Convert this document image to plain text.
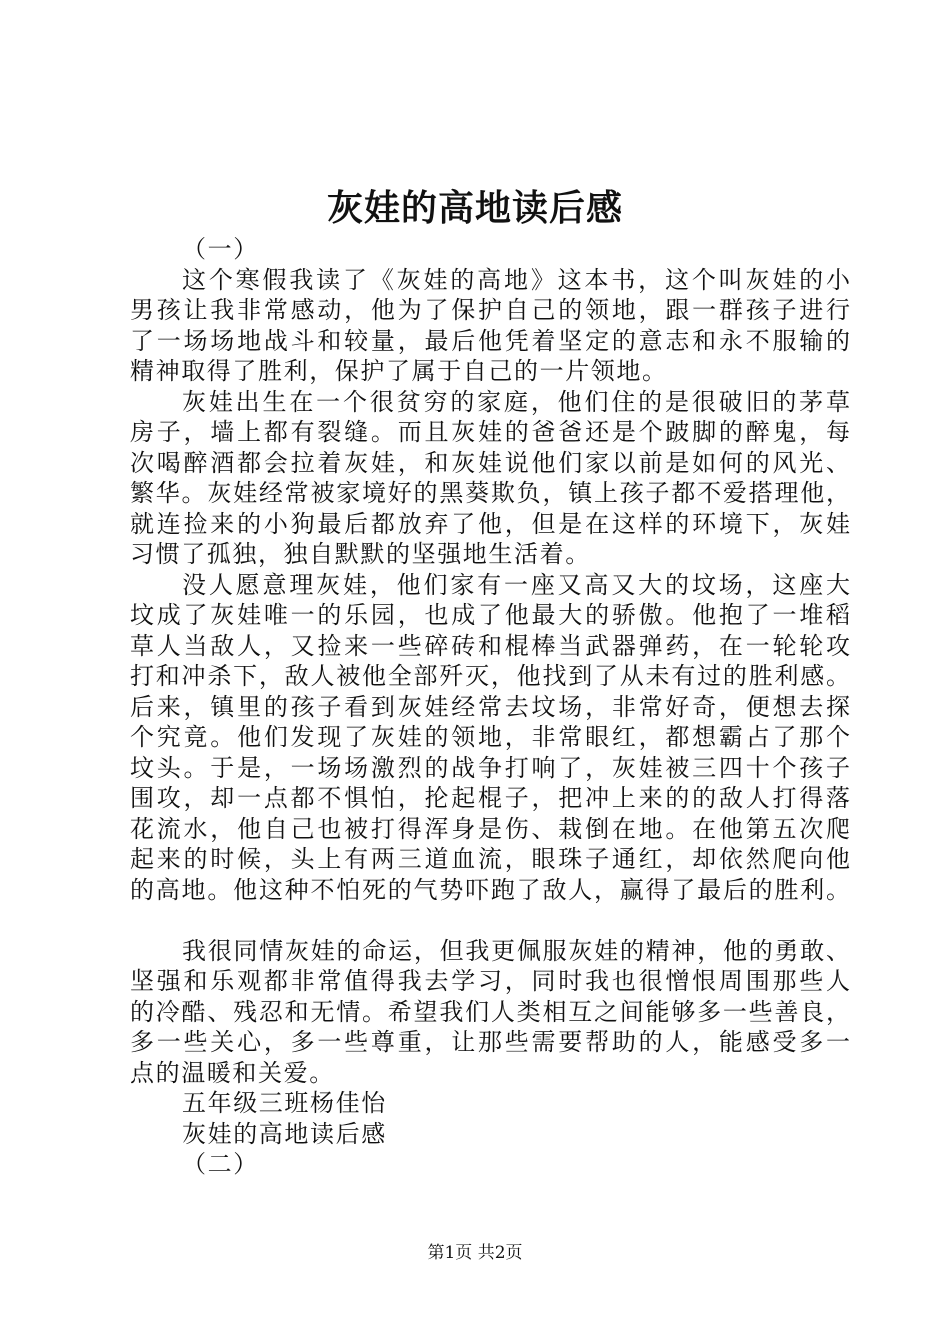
灰娃的高地读后感
（一）
这个寒假我读了《灰娃的高地》这本书，这个叫灰娃的小
男孩让我非常感动，他为了保护自己的领地，跟一群孩子进行
了一场场地战斗和较量，最后他凭着坚定的意志和永不服输的
精神取得了胜利，保护了属于自己的一片领地。
灰娃出生在一个很贫穷的家庭，他们住的是很破旧的茅草
房子，墙上都有裂缝。而且灰娃的爸爸还是个跛脚的醉鬼，每
次喝醉酒都会拉着灰娃，和灰娃说他们家以前是如何的风光、
繁华。灰娃经常被家境好的黑葵欺负，镇上孩子都不爱搭理他，
就连捡来的小狗最后都放弃了他，但是在这样的环境下，灰娃
习惯了孤独，独自默默的坚强地生活着。
没人愿意理灰娃，他们家有一座又高又大的坟场，这座大
坟成了灰娃唯一的乐园，也成了他最大的骄傲。他抱了一堆稻
草人当敌人，又捡来一些碎砖和棍棒当武器弹药，在一轮轮攻
打和冲杀下，敌人被他全部歼灭，他找到了从未有过的胜利感。
后来，镇里的孩子看到灰娃经常去坟场，非常好奇，便想去探
个究竟。他们发现了灰娃的领地，非常眼红，都想霸占了那个
坟头。于是，一场场激烈的战争打响了，灰娃被三四十个孩子
围攻，却一点都不惧怕，抡起棍子，把冲上来的的敌人打得落
花流水，他自己也被打得浑身是伤、栽倒在地。在他第五次爬
起来的时候，头上有两三道血流，眼珠子通红，却依然爬向他
的高地。他这种不怕死的气势吓跑了敌人，赢得了最后的胜利。
我很同情灰娃的命运，但我更佩服灰娃的精神，他的勇敢、
坚强和乐观都非常值得我去学习，同时我也很憎恨周围那些人
的冷酷、残忍和无情。希望我们人类相互之间能够多一些善良，
多一些关心，多一些尊重，让那些需要帮助的人，能感受多一
点的温暖和关爱。
五年级三班杨佳怡
灰娃的高地读后感
（二）
第1页 共2页
